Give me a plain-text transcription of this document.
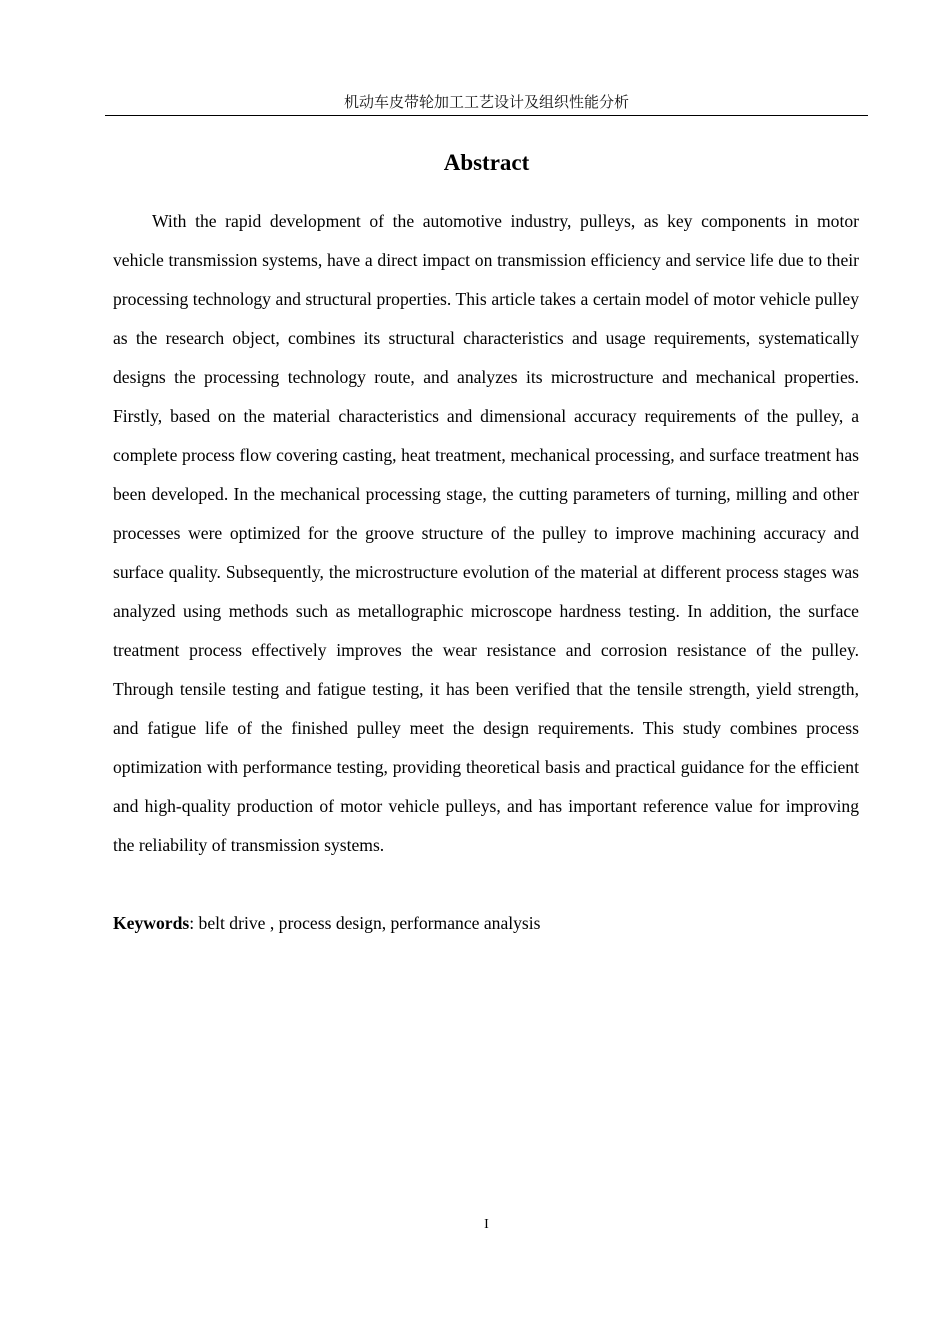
机动车皮带轮加工工艺设计及组织性能分析
Abstract

With the rapid development of the automotive industry, pulleys, as key components in motor vehicle transmission systems, have a direct impact on transmission efficiency and service life due to their processing technology and structural properties. This article takes a certain model of motor vehicle pulley as the research object, combines its structural characteristics and usage requirements, systematically designs the processing technology route, and analyzes its microstructure and mechanical properties. Firstly, based on the material characteristics and dimensional accuracy requirements of the pulley, a complete process flow covering casting, heat treatment, mechanical processing, and surface treatment has been developed. In the mechanical processing stage, the cutting parameters of turning, milling and other processes were optimized for the groove structure of the pulley to improve machining accuracy and surface quality. Subsequently, the microstructure evolution of the material at different process stages was analyzed using methods such as metallographic microscope hardness testing. In addition, the surface treatment process effectively improves the wear resistance and corrosion resistance of the pulley. Through tensile testing and fatigue testing, it has been verified that the tensile strength, yield strength, and fatigue life of the finished pulley meet the design requirements. This study combines process optimization with performance testing, providing theoretical basis and practical guidance for the efficient and high-quality production of motor vehicle pulleys, and has important reference value for improving the reliability of transmission systems.

Keywords: belt drive , process design, performance analysis
I
